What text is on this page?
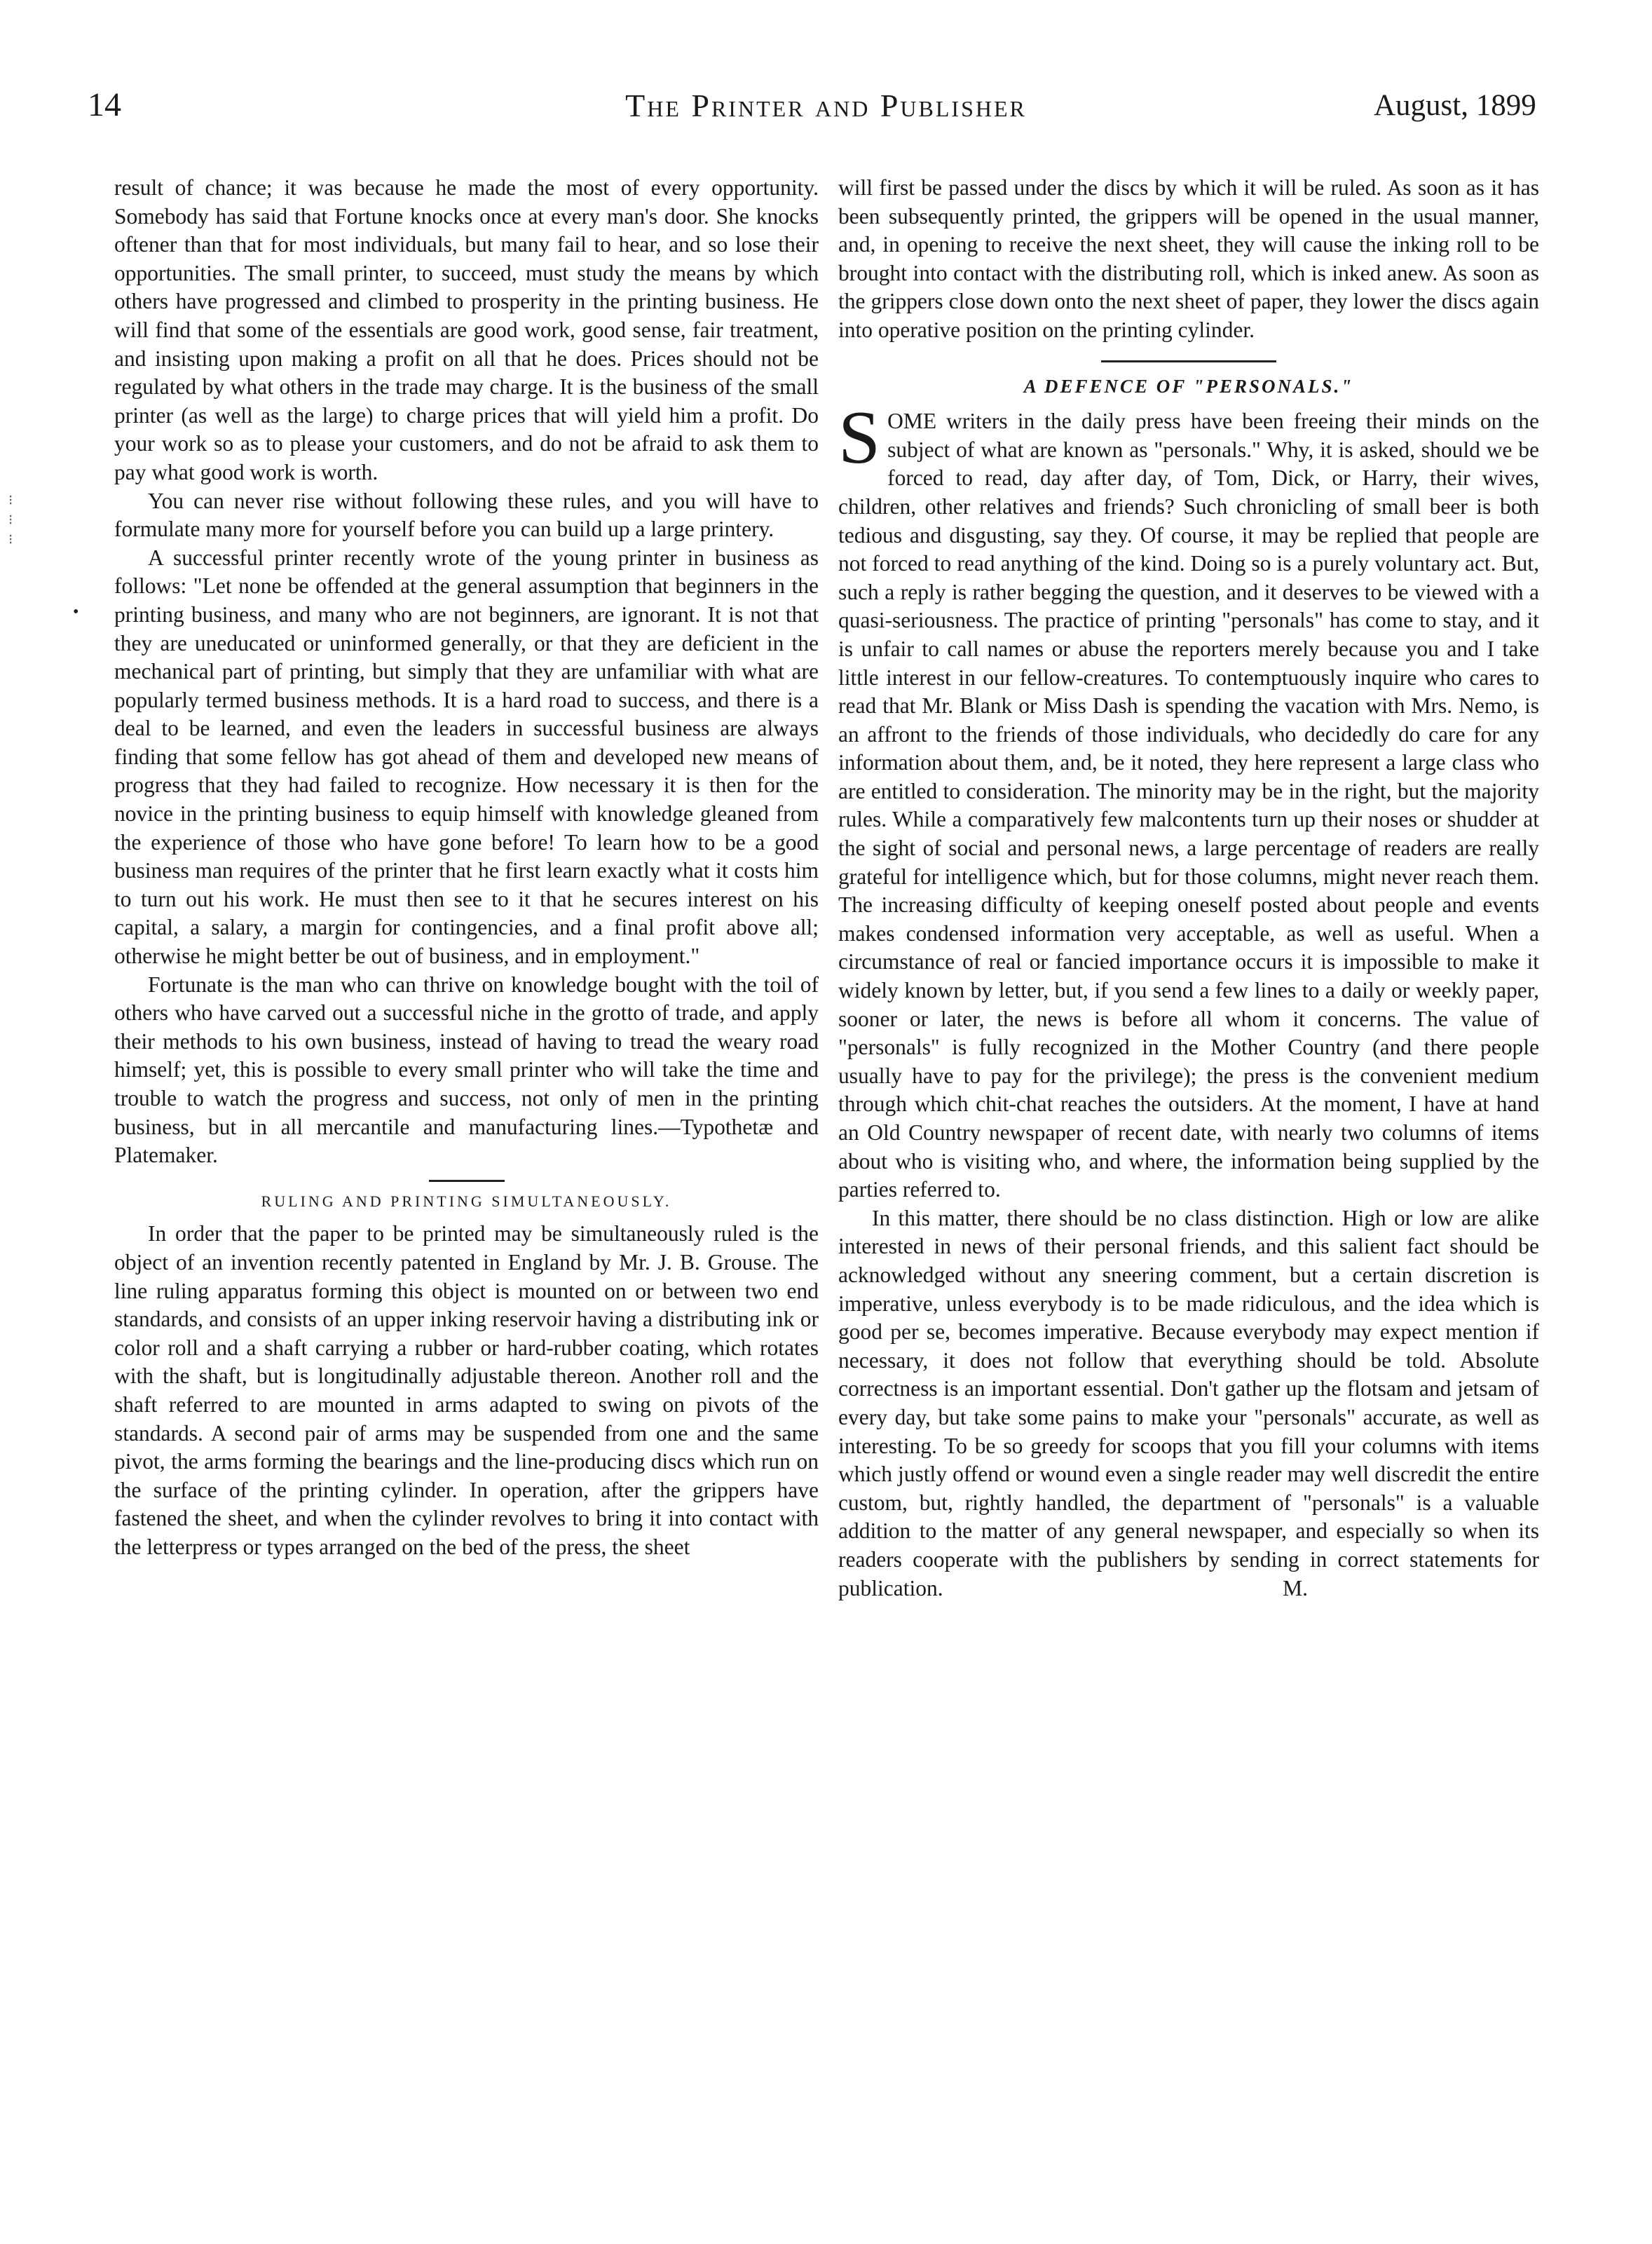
14	The Printer and Publisher	August, 1899
⁝
⁝
⁝
•

result of chance; it was because he made the most of every opportunity. Somebody has said that Fortune knocks once at every man's door. She knocks oftener than that for most individuals, but many fail to hear, and so lose their opportunities. The small printer, to succeed, must study the means by which others have progressed and climbed to prosperity in the printing business. He will find that some of the essentials are good work, good sense, fair treatment, and insisting upon making a profit on all that he does. Prices should not be regulated by what others in the trade may charge. It is the business of the small printer (as well as the large) to charge prices that will yield him a profit. Do your work so as to please your customers, and do not be afraid to ask them to pay what good work is worth.

You can never rise without following these rules, and you will have to formulate many more for yourself before you can build up a large printery.

A successful printer recently wrote of the young printer in business as follows: "Let none be offended at the general assumption that beginners in the printing business, and many who are not beginners, are ignorant. It is not that they are uneducated or uninformed generally, or that they are deficient in the mechanical part of printing, but simply that they are unfamiliar with what are popularly termed business methods. It is a hard road to success, and there is a deal to be learned, and even the leaders in successful business are always finding that some fellow has got ahead of them and developed new means of progress that they had failed to recognize. How necessary it is then for the novice in the printing business to equip himself with knowledge gleaned from the experience of those who have gone before! To learn how to be a good business man requires of the printer that he first learn exactly what it costs him to turn out his work. He must then see to it that he secures interest on his capital, a salary, a margin for contingencies, and a final profit above all; otherwise he might better be out of business, and in employment."

Fortunate is the man who can thrive on knowledge bought with the toil of others who have carved out a successful niche in the grotto of trade, and apply their methods to his own business, instead of having to tread the weary road himself; yet, this is possible to every small printer who will take the time and trouble to watch the progress and success, not only of men in the printing business, but in all mercantile and manufacturing lines.—Typothetæ and Platemaker.

RULING AND PRINTING SIMULTANEOUSLY.

In order that the paper to be printed may be simultaneously ruled is the object of an invention recently patented in England by Mr. J. B. Grouse. The line ruling apparatus forming this object is mounted on or between two end standards, and consists of an upper inking reservoir having a distributing ink or color roll and a shaft carrying a rubber or hard-rubber coating, which rotates with the shaft, but is longitudinally adjustable thereon. Another roll and the shaft referred to are mounted in arms adapted to swing on pivots of the standards. A second pair of arms may be suspended from one and the same pivot, the arms forming the bearings and the line-producing discs which run on the surface of the printing cylinder. In operation, after the grippers have fastened the sheet, and when the cylinder revolves to bring it into contact with the letterpress or types arranged on the bed of the press, the sheet

will first be passed under the discs by which it will be ruled. As soon as it has been subsequently printed, the grippers will be opened in the usual manner, and, in opening to receive the next sheet, they will cause the inking roll to be brought into contact with the distributing roll, which is inked anew. As soon as the grippers close down onto the next sheet of paper, they lower the discs again into operative position on the printing cylinder.

A DEFENCE OF "PERSONALS."

SOME writers in the daily press have been freeing their minds on the subject of what are known as "personals." Why, it is asked, should we be forced to read, day after day, of Tom, Dick, or Harry, their wives, children, other relatives and friends? Such chronicling of small beer is both tedious and disgusting, say they. Of course, it may be replied that people are not forced to read anything of the kind. Doing so is a purely voluntary act. But, such a reply is rather begging the question, and it deserves to be viewed with a quasi-seriousness. The practice of printing "personals" has come to stay, and it is unfair to call names or abuse the reporters merely because you and I take little interest in our fellow-creatures. To contemptuously inquire who cares to read that Mr. Blank or Miss Dash is spending the vacation with Mrs. Nemo, is an affront to the friends of those individuals, who decidedly do care for any information about them, and, be it noted, they here represent a large class who are entitled to consideration. The minority may be in the right, but the majority rules. While a comparatively few malcontents turn up their noses or shudder at the sight of social and personal news, a large percentage of readers are really grateful for intelligence which, but for those columns, might never reach them. The increasing difficulty of keeping oneself posted about people and events makes condensed information very acceptable, as well as useful. When a circumstance of real or fancied importance occurs it is impossible to make it widely known by letter, but, if you send a few lines to a daily or weekly paper, sooner or later, the news is before all whom it concerns. The value of "personals" is fully recognized in the Mother Country (and there people usually have to pay for the privilege); the press is the convenient medium through which chit-chat reaches the outsiders. At the moment, I have at hand an Old Country newspaper of recent date, with nearly two columns of items about who is visiting who, and where, the information being supplied by the parties referred to.

In this matter, there should be no class distinction. High or low are alike interested in news of their personal friends, and this salient fact should be acknowledged without any sneering comment, but a certain discretion is imperative, unless everybody is to be made ridiculous, and the idea which is good per se, becomes imperative. Because everybody may expect mention if necessary, it does not follow that everything should be told. Absolute correctness is an important essential. Don't gather up the flotsam and jetsam of every day, but take some pains to make your "personals" accurate, as well as interesting. To be so greedy for scoops that you fill your columns with items which justly offend or wound even a single reader may well discredit the entire custom, but, rightly handled, the department of "personals" is a valuable addition to the matter of any general newspaper, and especially so when its readers cooperate with the publishers by sending in correct statements for publication.	M.
